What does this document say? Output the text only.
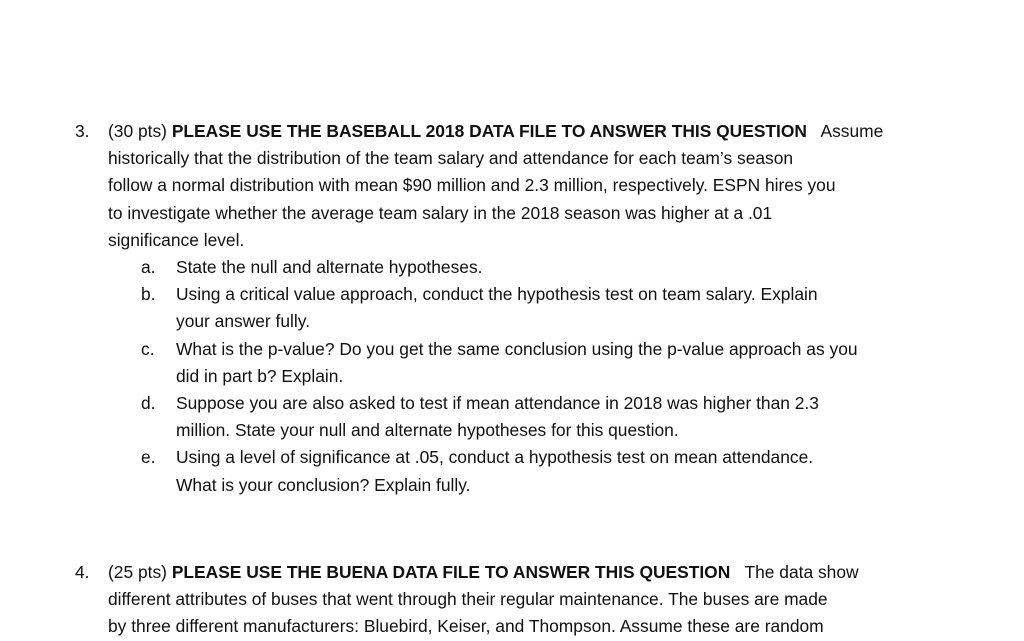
3. (30 pts) PLEASE USE THE BASEBALL 2018 DATA FILE TO ANSWER THIS QUESTION Assume
historically that the distribution of the team salary and attendance for each team’s season
follow a normal distribution with mean $90 million and 2.3 million, respectively. ESPN hires you
to investigate whether the average team salary in the 2018 season was higher at a .01
significance level.
a. State the null and alternate hypotheses.
b. Using a critical value approach, conduct the hypothesis test on team salary. Explain
your answer fully.
c. What is the p-value? Do you get the same conclusion using the p-value approach as you
did in part b? Explain.
d. Suppose you are also asked to test if mean attendance in 2018 was higher than 2.3
million. State your null and alternate hypotheses for this question.
e. Using a level of significance at .05, conduct a hypothesis test on mean attendance.
What is your conclusion? Explain fully.
4. (25 pts) PLEASE USE THE BUENA DATA FILE TO ANSWER THIS QUESTION The data show
different attributes of buses that went through their regular maintenance. The buses are made
by three different manufacturers: Bluebird, Keiser, and Thompson. Assume these are random
